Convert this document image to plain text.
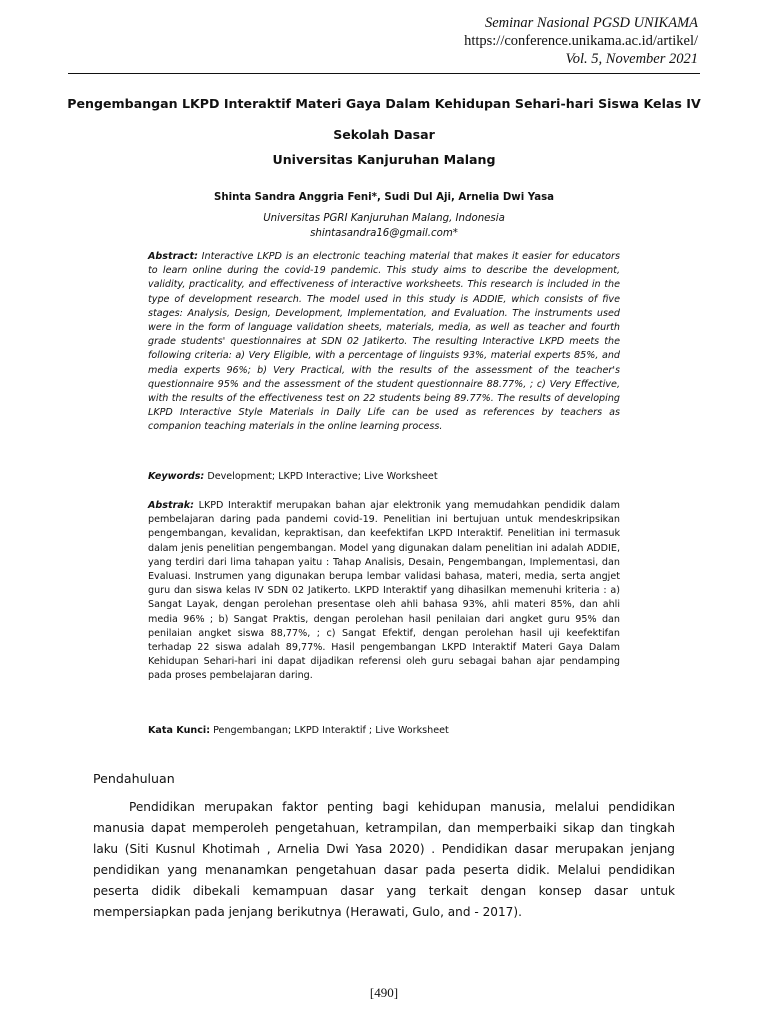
Seminar Nasional PGSD UNIKAMA
https://conference.unikama.ac.id/artikel/
Vol. 5, November 2021
Pengembangan LKPD Interaktif Materi Gaya Dalam Kehidupan Sehari-hari Siswa Kelas IV
Sekolah Dasar
Universitas Kanjuruhan Malang
Shinta Sandra Anggria Feni*, Sudi Dul Aji, Arnelia Dwi Yasa
Universitas PGRI Kanjuruhan Malang, Indonesia
shintasandra16@gmail.com*
Abstract: Interactive LKPD is an electronic teaching material that makes it easier for educators to learn online during the covid-19 pandemic. This study aims to describe the development, validity, practicality, and effectiveness of interactive worksheets. This research is included in the type of development research. The model used in this study is ADDIE, which consists of five stages: Analysis, Design, Development, Implementation, and Evaluation. The instruments used were in the form of language validation sheets, materials, media, as well as teacher and fourth grade students' questionnaires at SDN 02 Jatikerto. The resulting Interactive LKPD meets the following criteria: a) Very Eligible, with a percentage of linguists 93%, material experts 85%, and media experts 96%; b) Very Practical, with the results of the assessment of the teacher's questionnaire 95% and the assessment of the student questionnaire 88.77%, ; c) Very Effective, with the results of the effectiveness test on 22 students being 89.77%. The results of developing LKPD Interactive Style Materials in Daily Life can be used as references by teachers as companion teaching materials in the online learning process.
Keywords: Development; LKPD Interactive; Live Worksheet
Abstrak: LKPD Interaktif merupakan bahan ajar elektronik yang memudahkan pendidik dalam pembelajaran daring pada pandemi covid-19. Penelitian ini bertujuan untuk mendeskripsikan pengembangan, kevalidan, kepraktisan, dan keefektifan LKPD Interaktif. Penelitian ini termasuk dalam jenis penelitian pengembangan. Model yang digunakan dalam penelitian ini adalah ADDIE, yang terdiri dari lima tahapan yaitu : Tahap Analisis, Desain, Pengembangan, Implementasi, dan Evaluasi. Instrumen yang digunakan berupa lembar validasi bahasa, materi, media, serta angjet guru dan siswa kelas IV SDN 02 Jatikerto. LKPD Interaktif yang dihasilkan memenuhi kriteria : a) Sangat Layak, dengan perolehan presentase oleh ahli bahasa 93%, ahli materi 85%, dan ahli media 96% ; b) Sangat Praktis, dengan perolehan hasil penilaian dari angket guru 95% dan penilaian angket siswa 88,77%, ; c) Sangat Efektif, dengan perolehan hasil uji keefektifan terhadap 22 siswa adalah 89,77%. Hasil pengembangan LKPD Interaktif Materi Gaya Dalam Kehidupan Sehari-hari ini dapat dijadikan referensi oleh guru sebagai bahan ajar pendamping pada proses pembelajaran daring.
Kata Kunci: Pengembangan; LKPD Interaktif ; Live Worksheet
Pendahuluan
Pendidikan merupakan faktor penting bagi kehidupan manusia, melalui pendidikan manusia dapat memperoleh pengetahuan, ketrampilan, dan memperbaiki sikap dan tingkah laku (Siti Kusnul Khotimah , Arnelia Dwi Yasa 2020) . Pendidikan dasar merupakan jenjang pendidikan yang menanamkan pengetahuan dasar pada peserta didik. Melalui pendidikan peserta didik dibekali kemampuan dasar yang terkait dengan konsep dasar untuk mempersiapkan pada jenjang berikutnya (Herawati, Gulo, and - 2017).
[490]
